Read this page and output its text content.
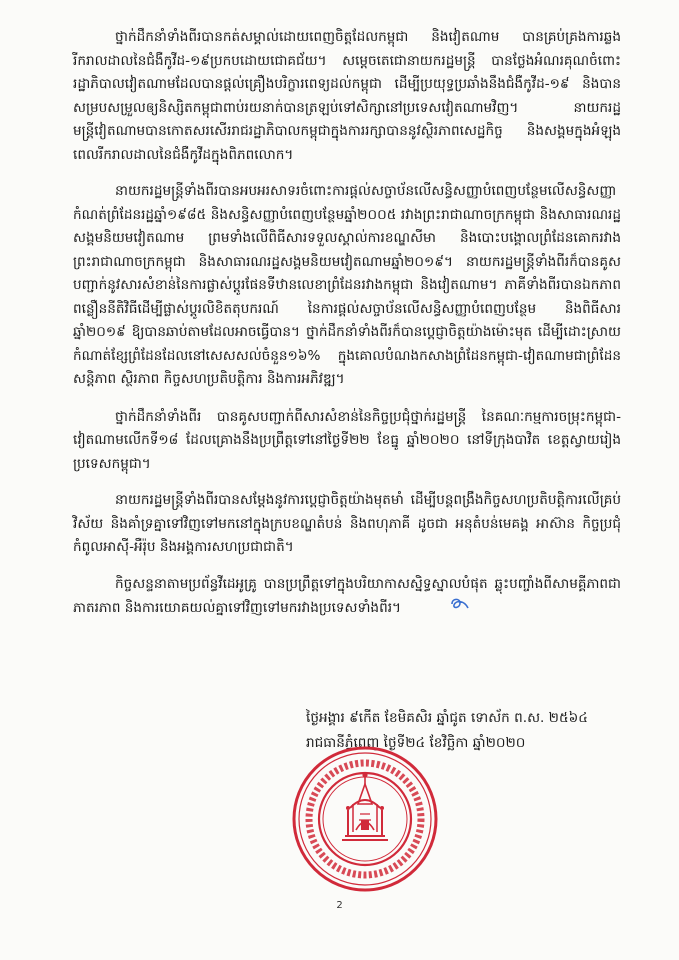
ថ្នាក់ដឹកនាំទាំងពីរបានកត់សម្គាល់ដោយពេញចិត្តដែលកម្ពុជា និងវៀតណាម បានគ្រប់គ្រងការឆ្លងរីករាលដាលនៃជំងឺកូវីដ-១៩ប្រកបដោយជោគជ័យ។ សម្តេចតេជោនាយករដ្ឋមន្ត្រី បានថ្លែងអំណរគុណចំពោះរដ្ឋាភិបាលវៀតណាមដែលបានផ្តល់គ្រឿងបរិក្ខារពេទ្យដល់កម្ពុជា ដើម្បីប្រយុទ្ធប្រឆាំងនឹងជំងឺកូវីដ-១៩ និងបានសម្របសម្រួលឲ្យនិស្សិតកម្ពុជាពាប់រយនាក់បានត្រឡប់ទៅសិក្សានៅប្រទេសវៀតណាមវិញ។ នាយករដ្ឋមន្ត្រីវៀតណាមបានកោតសរសើររាជរដ្ឋាភិបាលកម្ពុជាក្នុងការរក្សាបាននូវស្ថិរភាពសេដ្ឋកិច្ច និងសង្គមក្នុងអំឡុងពេលរីករាលដាលនៃជំងឺកូវីដក្នុងពិភពលោក។

នាយករដ្ឋមន្ត្រីទាំងពីរបានអបអរសាទរចំពោះការផ្តល់សច្ចាប័នលើសន្ធិសញ្ញាបំពេញបន្ថែមលើសន្ធិសញ្ញាកំណត់ព្រំដែនរដ្ឋឆ្នាំ១៩៨៥ និងសន្ធិសញ្ញាបំពេញបន្ថែមឆ្នាំ២០០៥ រវាងព្រះរាជាណាចក្រកម្ពុជា និងសាធារណរដ្ឋសង្គមនិយមវៀតណាម ព្រមទាំងលើពិធីសារទទួលស្គាល់ការខណ្ឌសីមា និងបោះបង្គោលព្រំដែនគោករវាងព្រះរាជាណាចក្រកម្ពុជា និងសាធារណរដ្ឋសង្គមនិយមវៀតណាមឆ្នាំ២០១៩។ នាយករដ្ឋមន្ត្រីទាំងពីរក៏បានគូសបញ្ជាក់នូវសារសំខាន់នៃការផ្លាស់ប្តូរផែនទីឋានលេខាព្រំដែនរវាងកម្ពុជា និងវៀតណាម។ ភាគីទាំងពីរបានឯកភាពពន្លឿននីតិវិធីដើម្បីផ្លាស់ប្តូរលិខិតតុបករណ៍ នៃការផ្តល់សច្ចាប័នលើសន្ធិសញ្ញាបំពេញបន្ថែម និងពិធីសារឆ្នាំ២០១៩ ឱ្យបានឆាប់តាមដែលអាចធ្វើបាន។ ថ្នាក់ដឹកនាំទាំងពីរក៏បានប្តេជ្ញាចិត្តយ៉ាងម៉ោះមុត ដើម្បីដោះស្រាយកំណាត់ខ្សែព្រំដែនដែលនៅសេសសល់ចំនួន១៦% ក្នុងគោលបំណងកសាងព្រំដែនកម្ពុជា-វៀតណាមជាព្រំដែនសន្តិភាព ស្ថិរភាព កិច្ចសហប្រតិបត្តិការ និងការអភិវឌ្ឍ។

ថ្នាក់ដឹកនាំទាំងពីរ បានគូសបញ្ជាក់ពីសារសំខាន់នៃកិច្ចប្រជុំថ្នាក់រដ្ឋមន្ត្រី នៃគណៈកម្មការចម្រុះកម្ពុជា-វៀតណាមលើកទី១៨ ដែលគ្រោងនឹងប្រព្រឹត្តទៅនៅថ្ងៃទី២២ ខែធ្នូ ឆ្នាំ២០២០ នៅទីក្រុងបាវិត ខេត្តស្វាយរៀង ប្រទេសកម្ពុជា។

នាយករដ្ឋមន្ត្រីទាំងពីរបានសម្តែងនូវការប្តេជ្ញាចិត្តយ៉ាងមុតមាំ ដើម្បីបន្តពង្រឹងកិច្ចសហប្រតិបត្តិការលើគ្រប់វិស័យ និងគាំទ្រគ្នាទៅវិញទៅមកនៅក្នុងក្របខណ្ឌតំបន់ និងពហុភាគី ដូចជា អនុតំបន់មេគង្គ អាស៊ាន កិច្ចប្រជុំកំពូលអាស៊ី-អឺរ៉ុប និងអង្គការសហប្រជាជាតិ។

កិច្ចសន្ទនាតាមប្រព័ន្ធវីដេអូគ្រូ បានប្រព្រឹត្តទៅក្នុងបរិយាកាសស្និទ្ធស្នាលបំផុត ឆ្លុះបញ្ចាំងពីសាមគ្គីភាពជាភាតរភាព និងការយោគយល់គ្នាទៅវិញទៅមករវាងប្រទេសទាំងពីរ។

ថ្ងៃអង្គារ ៩កើត ខែមិគសិរ ឆ្នាំជូត ទោស័ក ព.ស. ២៥៦៤
រាជធានីភ្នំពេញ ថ្ងៃទី២៤ ខែវិច្ឆិកា ឆ្នាំ២០២០
2
